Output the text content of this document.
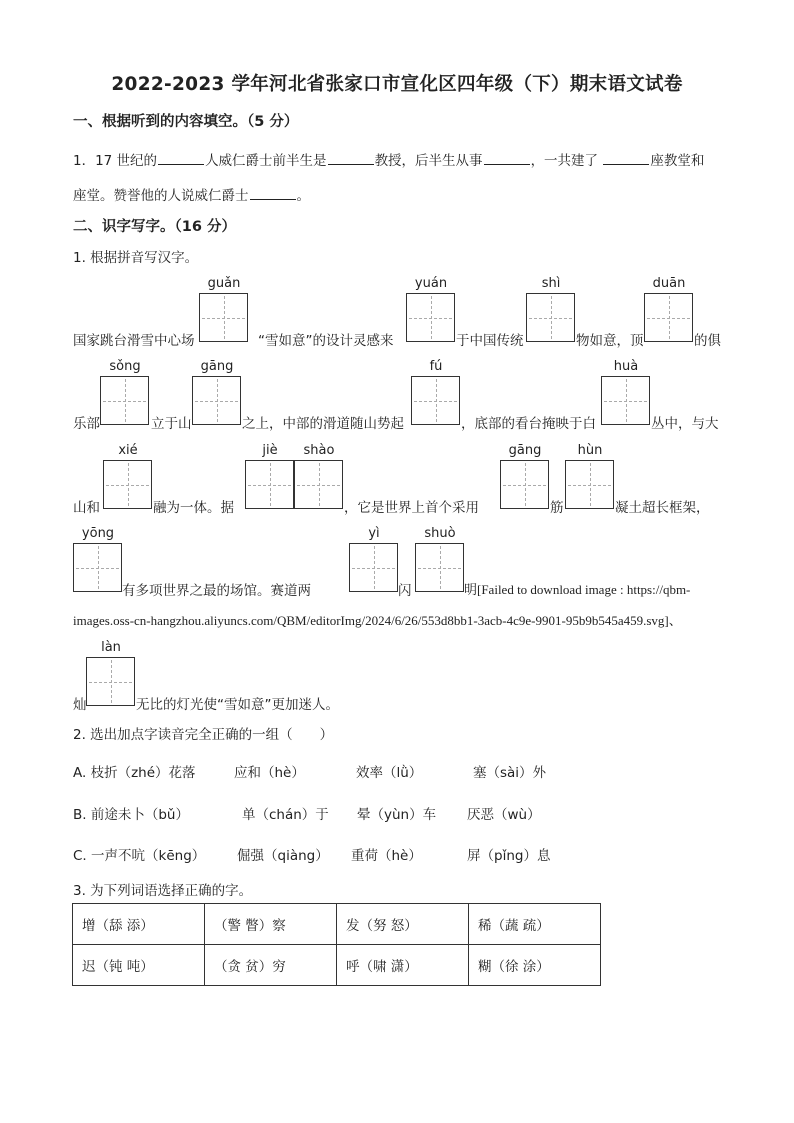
2022-2023 学年河北省张家口市宣化区四年级（下）期末语文试卷
一、根据听到的内容填空。（5 分）
1．17 世纪的	人威仁爵士前半生是	教授，后半生从事	，一共建了	座教堂和
座堂。赞誉他的人说威仁爵士	。
二、识字写字。（16 分）
1. 根据拼音写汉字。
guǎn	yuán	shì	duān
国家跳台滑雪中心场	“雪如意”的设计灵感来	于中国传统	物如意，顶	的俱
sǒng	gāng	fú	huà
乐部	立于山	之上，中部的滑道随山势起	，底部的看台掩映于白	丛中，与大
xié	jiè	shào	gāng	hùn
山和	融为一体。据	，它是世界上首个采用	筋	凝土超长框架，
yōng	yì	shuò
有多项世界之最的场馆。赛道两	闪	明[Failed to download image : https://qbm-
images.oss-cn-hangzhou.aliyuncs.com/QBM/editorImg/2024/6/26/553d8bb1-3acb-4c9e-9901-95b9b545a459.svg]、
làn
灿	无比的灯光使“雪如意”更加迷人。
2. 选出加点字读音完全正确的一组（　　）
A. 枝折（zhé）花落	应和（hè）	效率（lǜ）	塞（sài）外
B. 前途未卜（bǔ）	单（chán）于 晕（yùn）车 厌恶（wù）
C. 一声不吭（kēng） 倔强（qiàng） 重荷（hè）	屏（pǐng）息
3. 为下列词语选择正确的字。
增（舔 添）	（警 瞥）察	发（努 怒）	稀（蔬 疏）
迟（钝 吨）	（贪 贫）穷	呼（啸 潇）	糊（徐 涂）
